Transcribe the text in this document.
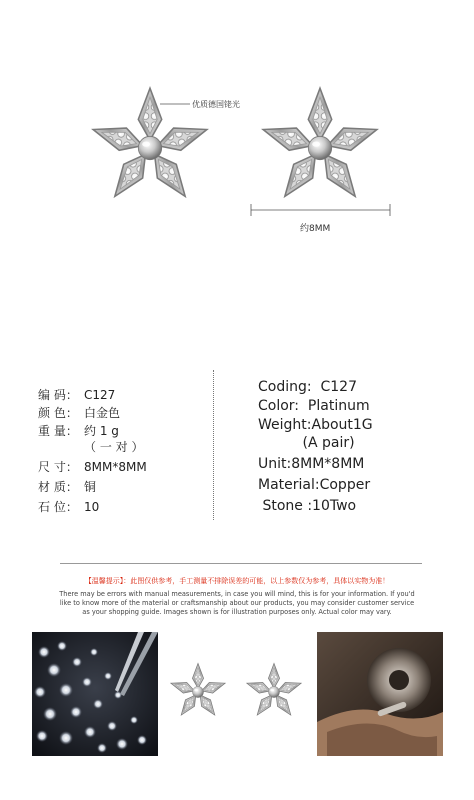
优质德国铑光
约8MM
编 码： C127
颜 色： 白金色
重 量： 约 1 g
（ 一 对 ）
尺 寸： 8MM*8MM
材 质： 铜
石 位： 10
Coding:  C127
Color:  Platinum
Weight:About1G
(A pair)
Unit:8MM*8MM
Material:Copper
Stone :10Two
【温馨提示】：此图仅供参考，手工测量不排除误差的可能，以上参数仅为参考，具体以实物为准！
There may be errors with manual measurements, in case you will mind, this is for your information. If you'd
like to know more of the material or craftsmanship about our products, you may consider customer service
as your shopping guide. Images shown is for illustration purposes only. Actual color may vary.
